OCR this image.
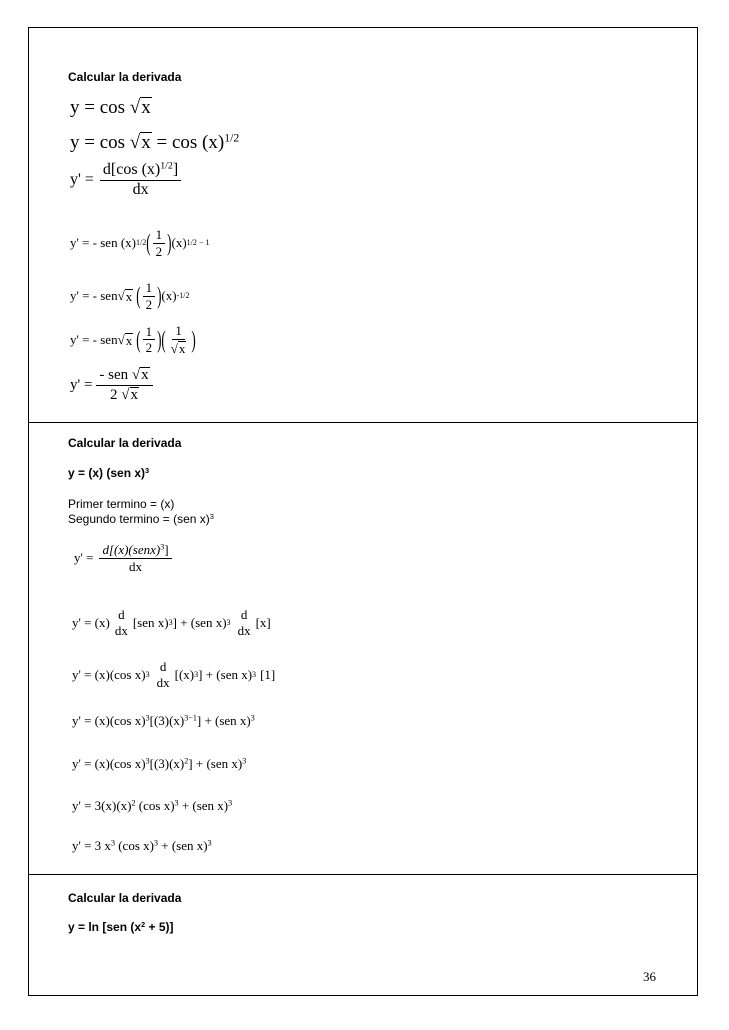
Calcular la derivada
y = cos √x
$y = \cos √x = \cos (x)^{1/2}$
$y' = \frac{d[\cos (x)^{1/2}]}{dx}$
y' = - sen (x) 1/2 ( $\frac{1}{2}$ ) (x) 1/2 − 1
y' = - sen √ x ( $\frac{1}{2}$ ) (x) -1/2
y' = - sen √ x ( $\frac{1}{2}$ ) ( $\frac{1}{√x}$ )
$y' = \frac{\text{- sen √x}}{2 √x}$
Calcular la derivada
y = (x) (sen x)$^3$
Primer termino = (x)
Segundo termino = (sen x)$^3$
$y' = \frac{d[(x)(senx)^3]}{dx}$
y' = (x)
d
dx
[sen x) 3 ] + (sen x) 3
d
dx
[x]
y' = (x)(cos x) 3
d
dx
[(x) 3 ] + (sen x) 3 [1]
y' = (x)(cos $x)^3[(3)(x)^{3-1}] + (sen$ x)$^3$
y' = (x)(cos $x)^3[(3)(x)^2] + (sen$ x)$^3$
$y' = 3(x)(x)^2$ (cos x)$^3$ + (sen x)$^3$
y' = 3 $x^3$ (cos x)$^3$ + (sen x)$^3$
Calcular la derivada
y = ln [sen $(x^2 + 5)$]
36
